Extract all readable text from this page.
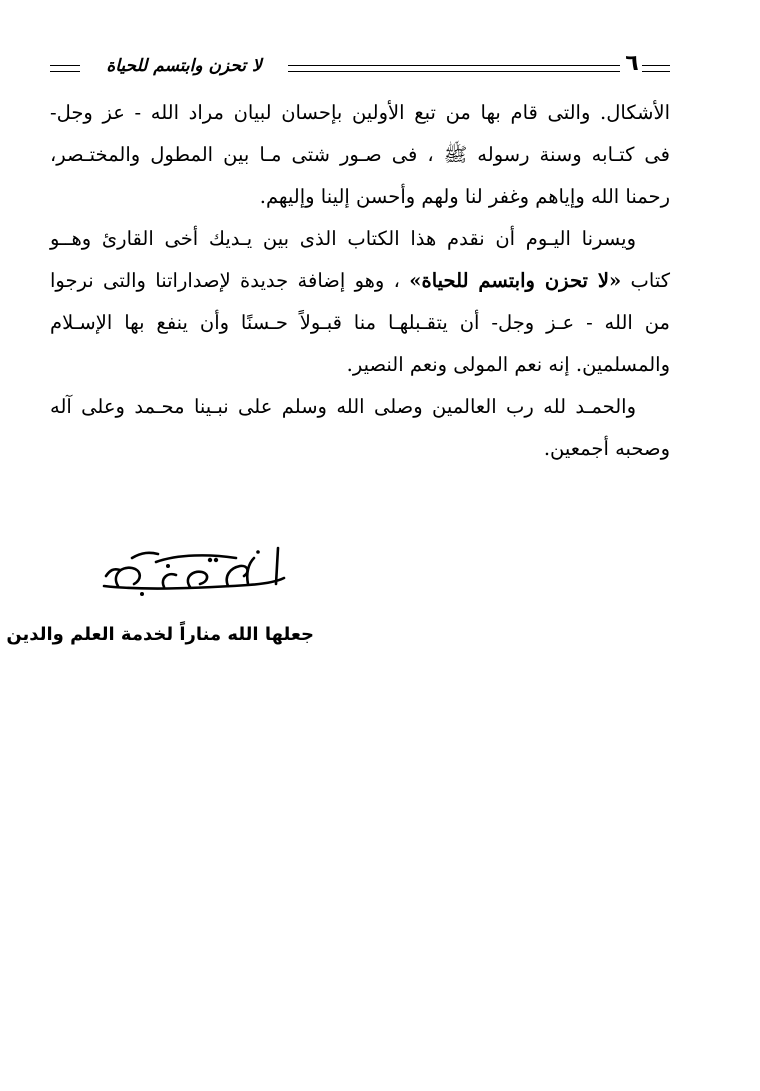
لا تحزن وابتسم للحياة	٦
الأشكال. والتى قام بها من تبع الأولين بإحسان لبيان مراد الله - عز وجل-
فى كتـابه وسنة رسوله ﷺ ، فى صـور شتى مـا بين المطول والمختـصر،
رحمنا الله وإياهم وغفر لنا ولهم وأحسن إلينا وإليهم.
ويسرنا اليـوم أن نقدم هذا الكتاب الذى بين يـديك أخى القارئ وهــو
كتاب «لا تحزن وابتسم للحياة» ، وهو إضافة جديدة لإصداراتنا والتى نرجوا
من الله - عـز وجل- أن يتقـبلهـا منا قبـولاً حـسنًا وأن ينفع بها الإسـلام
والمسلمين. إنه نعم المولى ونعم النصير.
والحمـد لله رب العالمين وصلى الله وسلم على نبـينا محـمد وعلى آله
وصحبه أجمعين.
جعلها الله مناراً لخدمة العلم والدين
